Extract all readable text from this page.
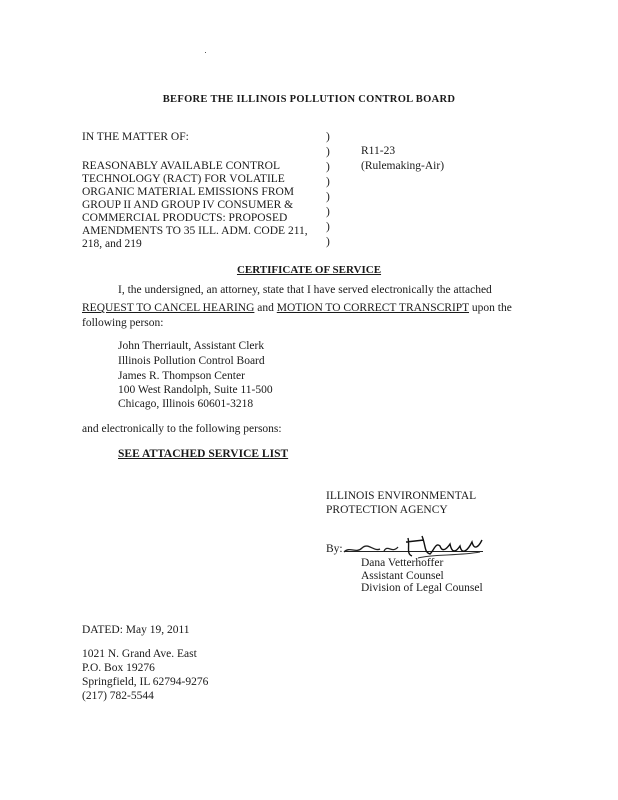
BEFORE THE ILLINOIS POLLUTION CONTROL BOARD
IN THE MATTER OF:
REASONABLY AVAILABLE CONTROL
TECHNOLOGY (RACT) FOR VOLATILE
ORGANIC MATERIAL EMISSIONS FROM
GROUP II AND GROUP IV CONSUMER &
COMMERCIAL PRODUCTS: PROPOSED
AMENDMENTS TO 35 ILL. ADM. CODE 211,
218, and 219
)
)
)
)
)
)
)
)
R11-23
(Rulemaking-Air)
CERTIFICATE OF SERVICE
I, the undersigned, an attorney, state that I have served electronically the attached
REQUEST TO CANCEL HEARING and MOTION TO CORRECT TRANSCRIPT upon the
following person:
John Therriault, Assistant Clerk
Illinois Pollution Control Board
James R. Thompson Center
100 West Randolph, Suite 11-500
Chicago, Illinois 60601-3218
and electronically to the following persons:
SEE ATTACHED SERVICE LIST
ILLINOIS ENVIRONMENTAL
PROTECTION AGENCY
By:
Dana Vetterhoffer
Assistant Counsel
Division of Legal Counsel
DATED: May 19, 2011
1021 N. Grand Ave. East
P.O. Box 19276
Springfield, IL 62794-9276
(217) 782-5544
